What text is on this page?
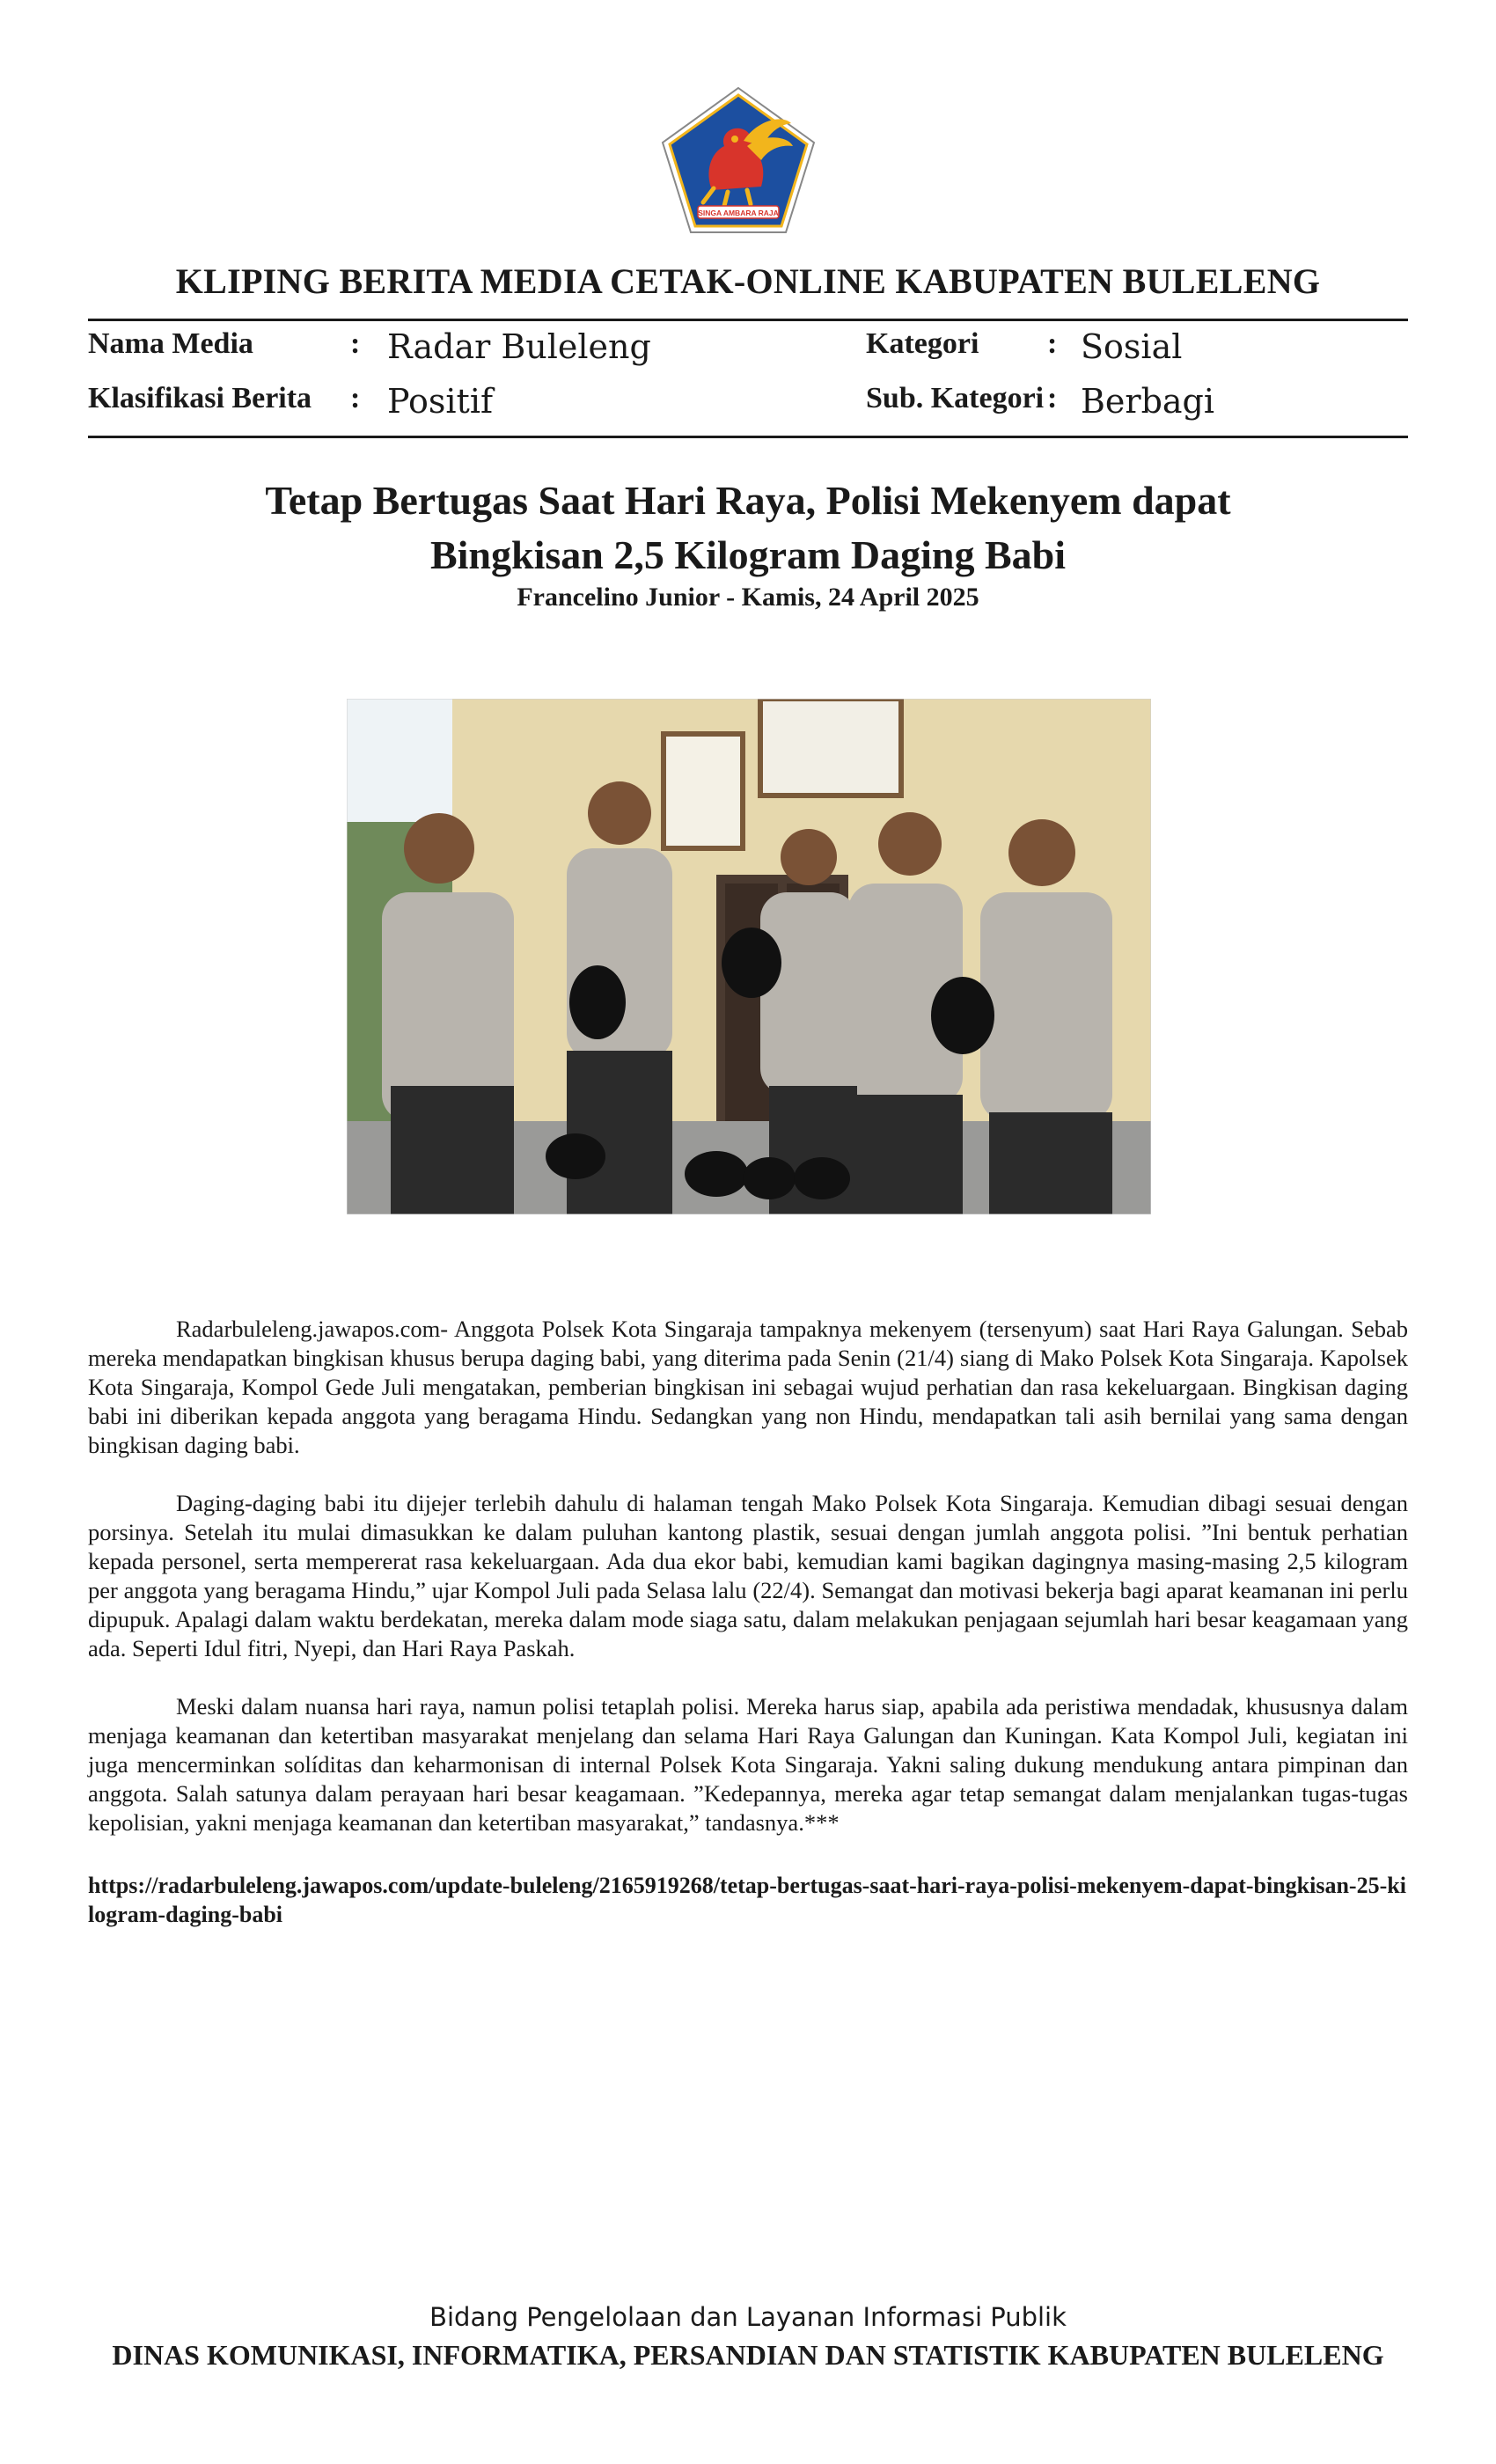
SINGA AMBARA RAJA
KLIPING BERITA MEDIA CETAK-ONLINE KABUPATEN BULELENG
Nama Media	: Radar Buleleng
Klasifikasi Berita : Positif
Kategori : Sosial
Sub. Kategori : Berbagi
Tetap Bertugas Saat Hari Raya, Polisi Mekenyem dapat
Bingkisan 2,5 Kilogram Daging Babi
Francelino Junior - Kamis, 24 April 2025

Radarbuleleng.jawapos.com- Anggota Polsek Kota Singaraja tampaknya mekenyem (tersenyum) saat Hari Raya Galungan. Sebab mereka mendapatkan bingkisan khusus berupa daging babi, yang diterima pada Senin (21/4) siang di Mako Polsek Kota Singaraja. Kapolsek Kota Singaraja, Kompol Gede Juli mengatakan, pemberian bingkisan ini sebagai wujud perhatian dan rasa kekeluargaan. Bingkisan daging babi ini diberikan kepada anggota yang beragama Hindu. Sedangkan yang non Hindu, mendapatkan tali asih bernilai yang sama dengan bingkisan daging babi.

Daging-daging babi itu dijejer terlebih dahulu di halaman tengah Mako Polsek Kota Singaraja. Kemudian dibagi sesuai dengan porsinya. Setelah itu mulai dimasukkan ke dalam puluhan kantong plastik, sesuai dengan jumlah anggota polisi. ”Ini bentuk perhatian kepada personel, serta mempererat rasa kekeluargaan. Ada dua ekor babi, kemudian kami bagikan dagingnya masing-masing 2,5 kilogram per anggota yang beragama Hindu,” ujar Kompol Juli pada Selasa lalu (22/4). Semangat dan motivasi bekerja bagi aparat keamanan ini perlu dipupuk. Apalagi dalam waktu berdekatan, mereka dalam mode siaga satu, dalam melakukan penjagaan sejumlah hari besar keagamaan yang ada. Seperti Idul fitri, Nyepi, dan Hari Raya Paskah.

Meski dalam nuansa hari raya, namun polisi tetaplah polisi. Mereka harus siap, apabila ada peristiwa mendadak, khususnya dalam menjaga keamanan dan ketertiban masyarakat menjelang dan selama Hari Raya Galungan dan Kuningan. Kata Kompol Juli, kegiatan ini juga mencerminkan solíditas dan keharmonisan di internal Polsek Kota Singaraja. Yakni saling dukung mendukung antara pimpinan dan anggota. Salah satunya dalam perayaan hari besar keagamaan. ”Kedepannya, mereka agar tetap semangat dalam menjalankan tugas-tugas kepolisian, yakni menjaga keamanan dan ketertiban masyarakat,” tandasnya.***

https://radarbuleleng.jawapos.com/update-buleleng/2165919268/tetap-bertugas-saat-hari-raya-polisi-mekenyem-dapat-bingkisan-25-kilogram-daging-babi
Bidang Pengelolaan dan Layanan Informasi Publik
DINAS KOMUNIKASI, INFORMATIKA, PERSANDIAN DAN STATISTIK KABUPATEN BULELENG
